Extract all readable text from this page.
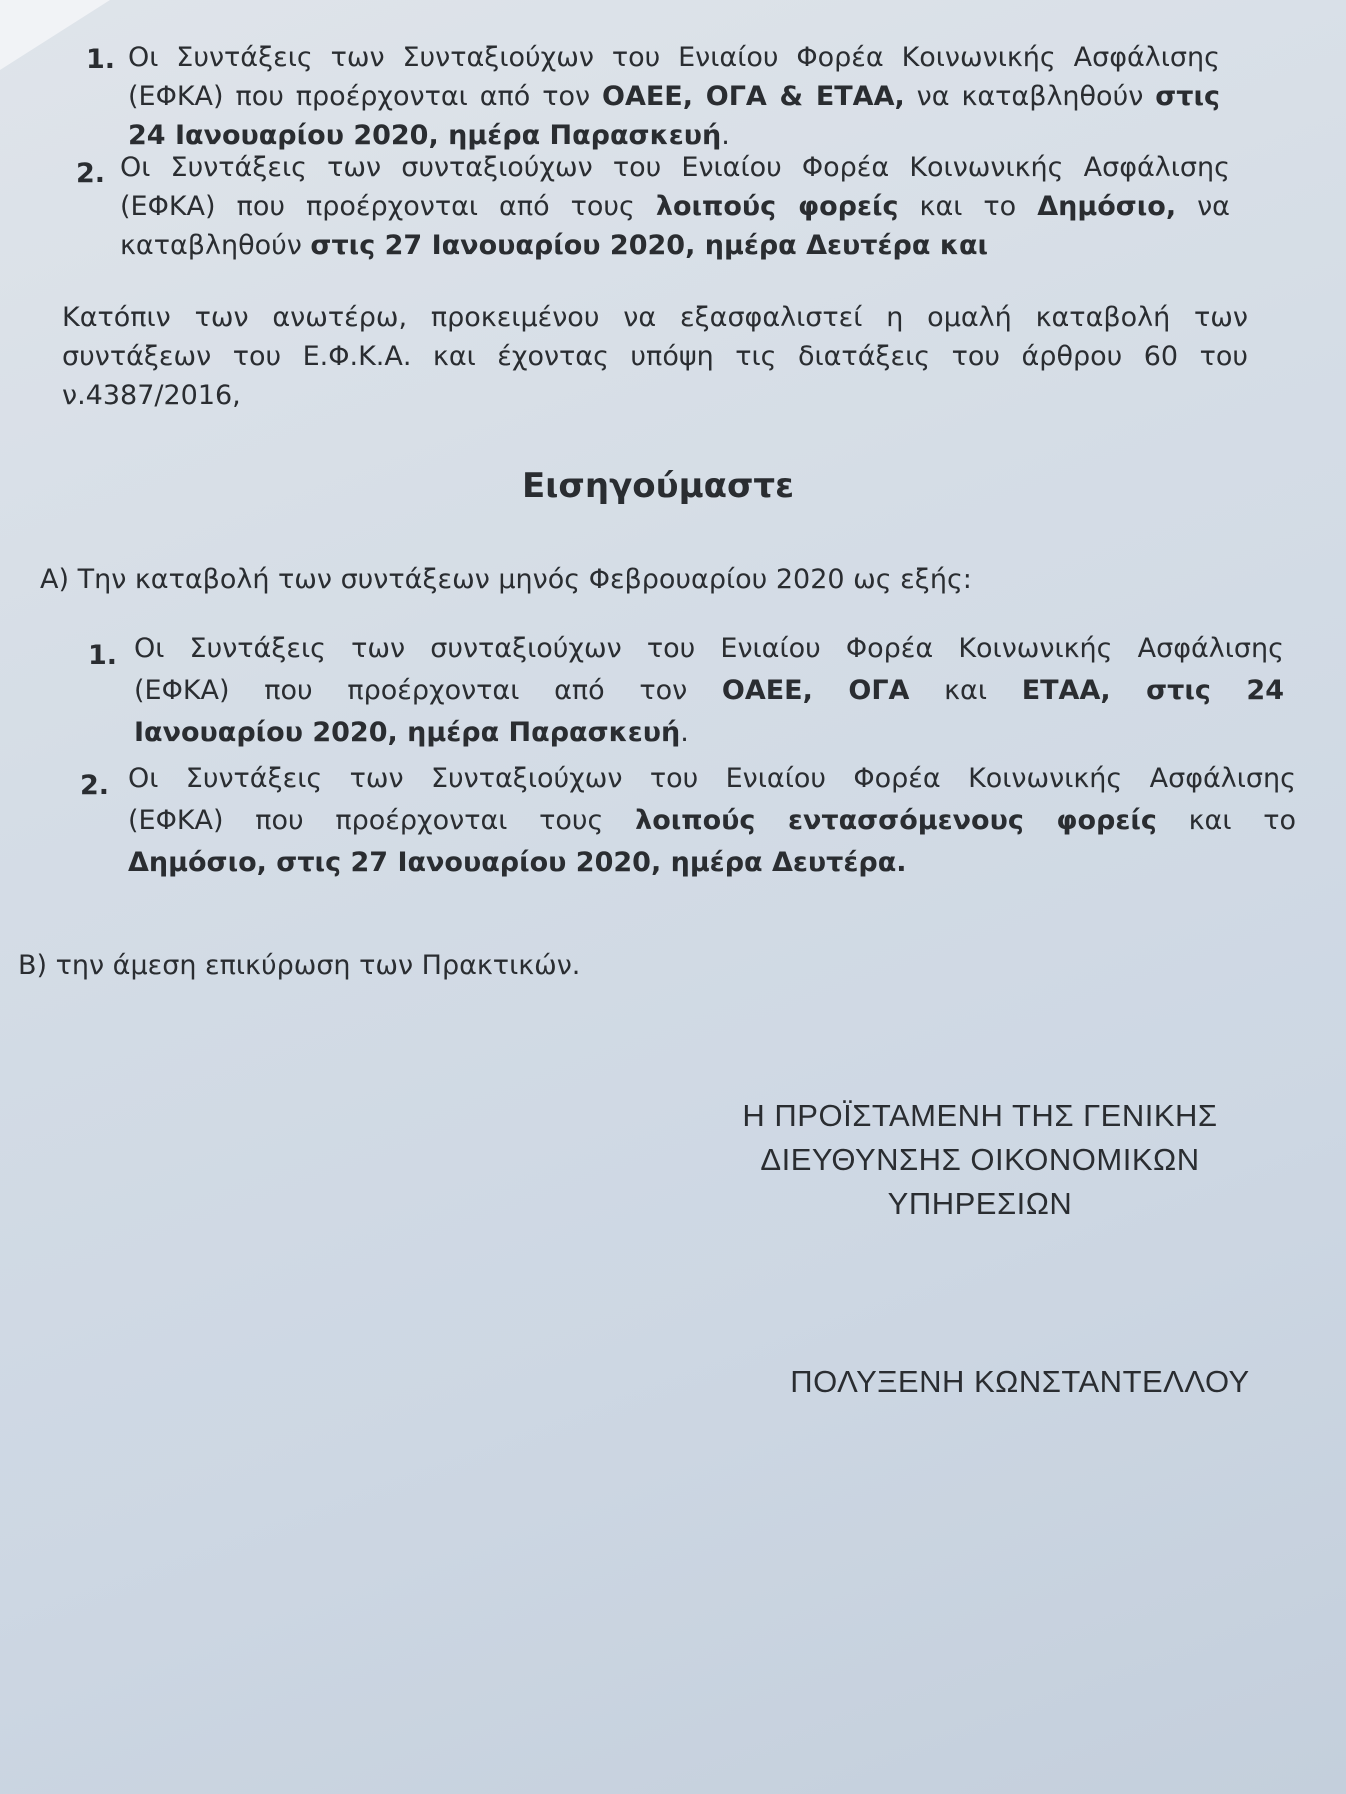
1. Οι Συντάξεις των Συνταξιούχων του Ενιαίου Φορέα Κοινωνικής Ασφάλισης
(ΕΦΚΑ) που προέρχονται από τον ΟΑΕΕ, ΟΓΑ & ΕΤΑΑ, να καταβληθούν στις
24 Ιανουαρίου 2020, ημέρα Παρασκευή.
2. Οι Συντάξεις των συνταξιούχων του Ενιαίου Φορέα Κοινωνικής Ασφάλισης
(ΕΦΚΑ) που προέρχονται από τους λοιπούς φορείς και το Δημόσιο, να
καταβληθούν στις 27 Ιανουαρίου 2020, ημέρα Δευτέρα και
Κατόπιν των ανωτέρω, προκειμένου να εξασφαλιστεί η ομαλή καταβολή των
συντάξεων του Ε.Φ.Κ.Α. και έχοντας υπόψη τις διατάξεις του άρθρου 60 του
ν.4387/2016,
Εισηγούμαστε
Α) Την καταβολή των συντάξεων μηνός Φεβρουαρίου 2020 ως εξής:
1. Οι Συντάξεις των συνταξιούχων του Ενιαίου Φορέα Κοινωνικής Ασφάλισης
(ΕΦΚΑ) που προέρχονται από τον ΟΑΕΕ, ΟΓΑ και ΕΤΑΑ, στις 24
Ιανουαρίου 2020, ημέρα Παρασκευή.
2. Οι Συντάξεις των Συνταξιούχων του Ενιαίου Φορέα Κοινωνικής Ασφάλισης
(ΕΦΚΑ) που προέρχονται τους λοιπούς εντασσόμενους φορείς και το
Δημόσιο, στις 27 Ιανουαρίου 2020, ημέρα Δευτέρα.
Β) την άμεση επικύρωση των Πρακτικών.
Η ΠΡΟΪΣΤΑΜΕΝΗ ΤΗΣ ΓΕΝΙΚΗΣ
ΔΙΕΥΘΥΝΣΗΣ ΟΙΚΟΝΟΜΙΚΩΝ
ΥΠΗΡΕΣΙΩΝ
ΠΟΛΥΞΕΝΗ ΚΩΝΣΤΑΝΤΕΛΛΟΥ
